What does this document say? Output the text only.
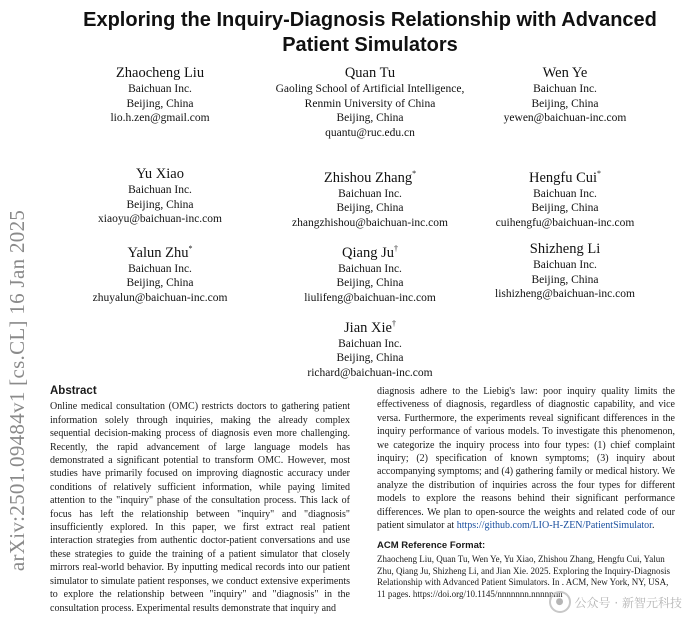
arXiv:2501.09484v1 [cs.CL] 16 Jan 2025
Exploring the Inquiry-Diagnosis Relationship with Advanced Patient Simulators
Zhaocheng Liu
Baichuan Inc.
Beijing, China
lio.h.zen@gmail.com
Quan Tu
Gaoling School of Artificial Intelligence, Renmin University of China
Beijing, China
quantu@ruc.edu.cn
Wen Ye
Baichuan Inc.
Beijing, China
yewen@baichuan-inc.com
Yu Xiao
Baichuan Inc.
Beijing, China
xiaoyu@baichuan-inc.com
Zhishou Zhang*
Baichuan Inc.
Beijing, China
zhangzhishou@baichuan-inc.com
Hengfu Cui*
Baichuan Inc.
Beijing, China
cuihengfu@baichuan-inc.com
Yalun Zhu*
Baichuan Inc.
Beijing, China
zhuyalun@baichuan-inc.com
Qiang Ju†
Baichuan Inc.
Beijing, China
liulifeng@baichuan-inc.com
Shizheng Li
Baichuan Inc.
Beijing, China
lishizheng@baichuan-inc.com
Jian Xie†
Baichuan Inc.
Beijing, China
richard@baichuan-inc.com
Abstract

Online medical consultation (OMC) restricts doctors to gathering patient information solely through inquiries, making the already complex sequential decision-making process of diagnosis even more challenging. Recently, the rapid advancement of large language models has demonstrated a significant potential to transform OMC. However, most studies have primarily focused on improving diagnostic accuracy under conditions of relatively sufficient information, while paying limited attention to the "inquiry" phase of the consultation process. This lack of focus has left the relationship between "inquiry" and "diagnosis" insufficiently explored. In this paper, we first extract real patient interaction strategies from authentic doctor-patient conversations and use these strategies to guide the training of a patient simulator that closely mirrors real-world behavior. By inputting medical records into our patient simulator to simulate patient responses, we conduct extensive experiments to explore the relationship between "inquiry" and "diagnosis" in the consultation process. Experimental results demonstrate that inquiry and

diagnosis adhere to the Liebig's law: poor inquiry quality limits the effectiveness of diagnosis, regardless of diagnostic capability, and vice versa. Furthermore, the experiments reveal significant differences in the inquiry performance of various models. To investigate this phenomenon, we categorize the inquiry process into four types: (1) chief complaint inquiry; (2) specification of known symptoms; (3) inquiry about accompanying symptoms; and (4) gathering family or medical history. We analyze the distribution of inquiries across the four types for different models to explore the reasons behind their significant performance differences. We plan to open-source the weights and related code of our patient simulator at https://github.com/LIO-H-ZEN/PatientSimulator.

ACM Reference Format:

Zhaocheng Liu, Quan Tu, Wen Ye, Yu Xiao, Zhishou Zhang, Hengfu Cui, Yalun Zhu, Qiang Ju, Shizheng Li, and Jian Xie. 2025. Exploring the Inquiry-Diagnosis Relationship with Advanced Patient Simulators. In . ACM, New York, NY, USA, 11 pages. https://doi.org/10.1145/nnnnnnn.nnnnnnn

● 公众号 · 新智元科技
